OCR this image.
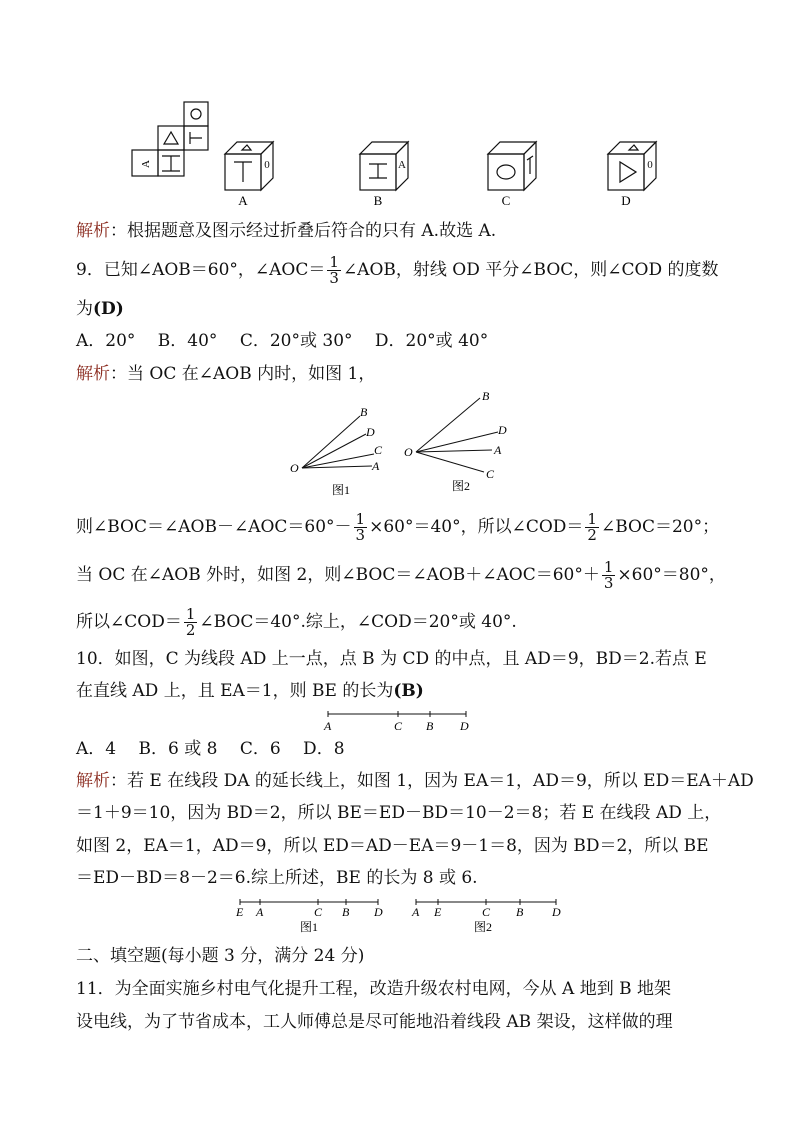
A	0	A	0
A	B	C	D
解析：根据题意及图示经过折叠后符合的只有 A.故选 A.
9．已知∠AOB＝60°，∠AOC＝ $\frac{1}{3}$ ∠AOB，射线 OD 平分∠BOC，则∠COD 的度数
为(D)
A．20°　 B．40°　 C．20°或 30°　 D．20°或 40°
解析：当 OC 在∠AOB 内时，如图 1，
O
B
D
C
A
O
B
D
A
C
图1	图2
则∠BOC＝∠AOB－∠AOC＝60°－ $\frac{1}{3} \times 60^\circ=40^\circ$，所以∠COD＝ $\frac{1}{2}$ ∠BOC＝20°；
当 OC 在∠AOB 外时，如图 2，则∠BOC＝∠AOB＋∠AOC＝60°＋ $\frac{1}{3} \times 60^\circ=80^\circ$，
所以∠COD＝ $\frac{1}{2}$ ∠BOC＝40°.综上，∠COD＝20°或 40°.
10．如图，C 为线段 AD 上一点，点 B 为 CD 的中点，且 AD＝9，BD＝2.若点 E
在直线 AD 上，且 EA＝1，则 BE 的长为(B)
A	C B D
A．4　 B．6 或 8　 C．6　 D．8
解析：若 E 在线段 DA 的延长线上，如图 1，因为 EA＝1，AD＝9，所以 ED＝EA＋AD
＝1＋9＝10，因为 BD＝2，所以 BE＝ED－BD＝10－2＝8；若 E 在线段 AD 上，
如图 2，EA＝1，AD＝9，所以 ED＝AD－EA＝9－1＝8，因为 BD＝2，所以 BE
＝ED－BD＝8－2＝6.综上所述，BE 的长为 8 或 6.
E A	C B D A E	C B D
图1	图2
二、填空题(每小题 3 分，满分 24 分)
11．为全面实施乡村电气化提升工程，改造升级农村电网，今从 A 地到 B 地架
设电线，为了节省成本，工人师傅总是尽可能地沿着线段 AB 架设，这样做的理
